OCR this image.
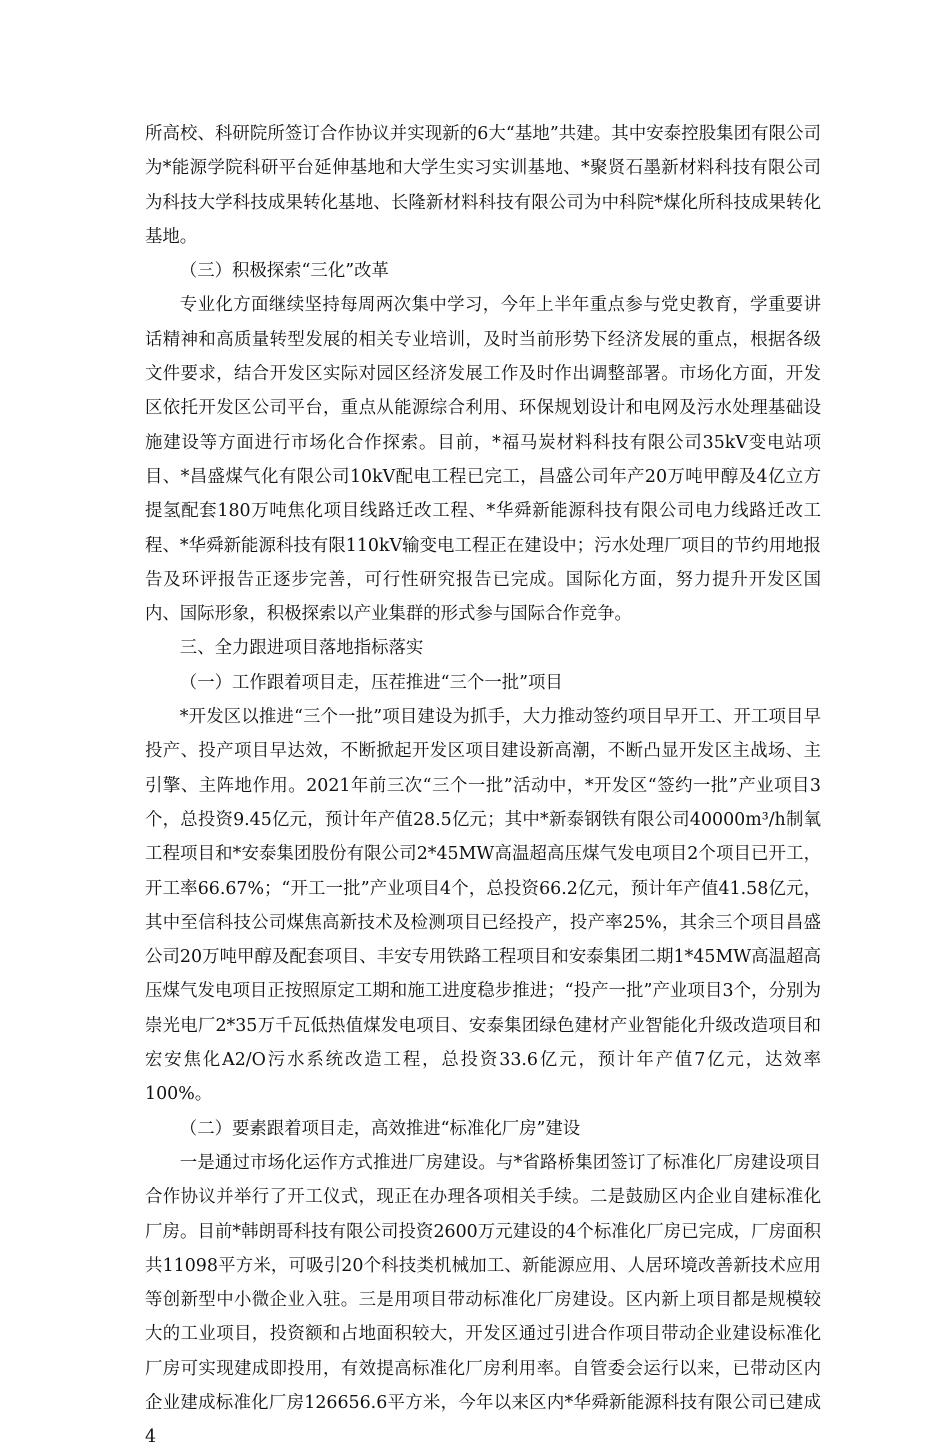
所高校、科研院所签订合作协议并实现新的6大“基地”共建。其中安泰控股集团有限公司为*能源学院科研平台延伸基地和大学生实习实训基地、*聚贤石墨新材料科技有限公司为科技大学科技成果转化基地、长隆新材料科技有限公司为中科院*煤化所科技成果转化基地。

（三）积极探索“三化”改革

专业化方面继续坚持每周两次集中学习，今年上半年重点参与党史教育，学重要讲话精神和高质量转型发展的相关专业培训，及时当前形势下经济发展的重点，根据各级文件要求，结合开发区实际对园区经济发展工作及时作出调整部署。市场化方面，开发区依托开发区公司平台，重点从能源综合利用、环保规划设计和电网及污水处理基础设施建设等方面进行市场化合作探索。目前，*福马炭材料科技有限公司35kV变电站项目、*昌盛煤气化有限公司10kV配电工程已完工，昌盛公司年产20万吨甲醇及4亿立方提氢配套180万吨焦化项目线路迁改工程、*华舜新能源科技有限公司电力线路迁改工程、*华舜新能源科技有限110kV输变电工程正在建设中；污水处理厂项目的节约用地报告及环评报告正逐步完善，可行性研究报告已完成。国际化方面，努力提升开发区国内、国际形象，积极探索以产业集群的形式参与国际合作竞争。

三、全力跟进项目落地指标落实

（一）工作跟着项目走，压茬推进“三个一批”项目

*开发区以推进“三个一批”项目建设为抓手，大力推动签约项目早开工、开工项目早投产、投产项目早达效，不断掀起开发区项目建设新高潮，不断凸显开发区主战场、主引擎、主阵地作用。2021年前三次“三个一批”活动中，*开发区“签约一批”产业项目3个，总投资9.45亿元，预计年产值28.5亿元；其中*新泰钢铁有限公司40000m³/h制氧工程项目和*安泰集团股份有限公司2*45MW高温超高压煤气发电项目2个项目已开工，开工率66.67%；“开工一批”产业项目4个，总投资66.2亿元，预计年产值41.58亿元，其中至信科技公司煤焦高新技术及检测项目已经投产，投产率25%，其余三个项目昌盛公司20万吨甲醇及配套项目、丰安专用铁路工程项目和安泰集团二期1*45MW高温超高压煤气发电项目正按照原定工期和施工进度稳步推进；“投产一批”产业项目3个，分别为崇光电厂2*35万千瓦低热值煤发电项目、安泰集团绿色建材产业智能化升级改造项目和宏安焦化A2/O污水系统改造工程，总投资33.6亿元，预计年产值7亿元，达效率100%。

（二）要素跟着项目走，高效推进“标准化厂房”建设

一是通过市场化运作方式推进厂房建设。与*省路桥集团签订了标准化厂房建设项目合作协议并举行了开工仪式，现正在办理各项相关手续。二是鼓励区内企业自建标准化厂房。目前*韩朗哥科技有限公司投资2600万元建设的4个标准化厂房已完成，厂房面积共11098平方米，可吸引20个科技类机械加工、新能源应用、人居环境改善新技术应用等创新型中小微企业入驻。三是用项目带动标准化厂房建设。区内新上项目都是规模较大的工业项目，投资额和占地面积较大，开发区通过引进合作项目带动企业建设标准化厂房可实现建成即投用，有效提高标准化厂房利用率。自管委会运行以来，已带动区内企业建成标准化厂房126656.6平方米，今年以来区内*华舜新能源科技有限公司已建成4
